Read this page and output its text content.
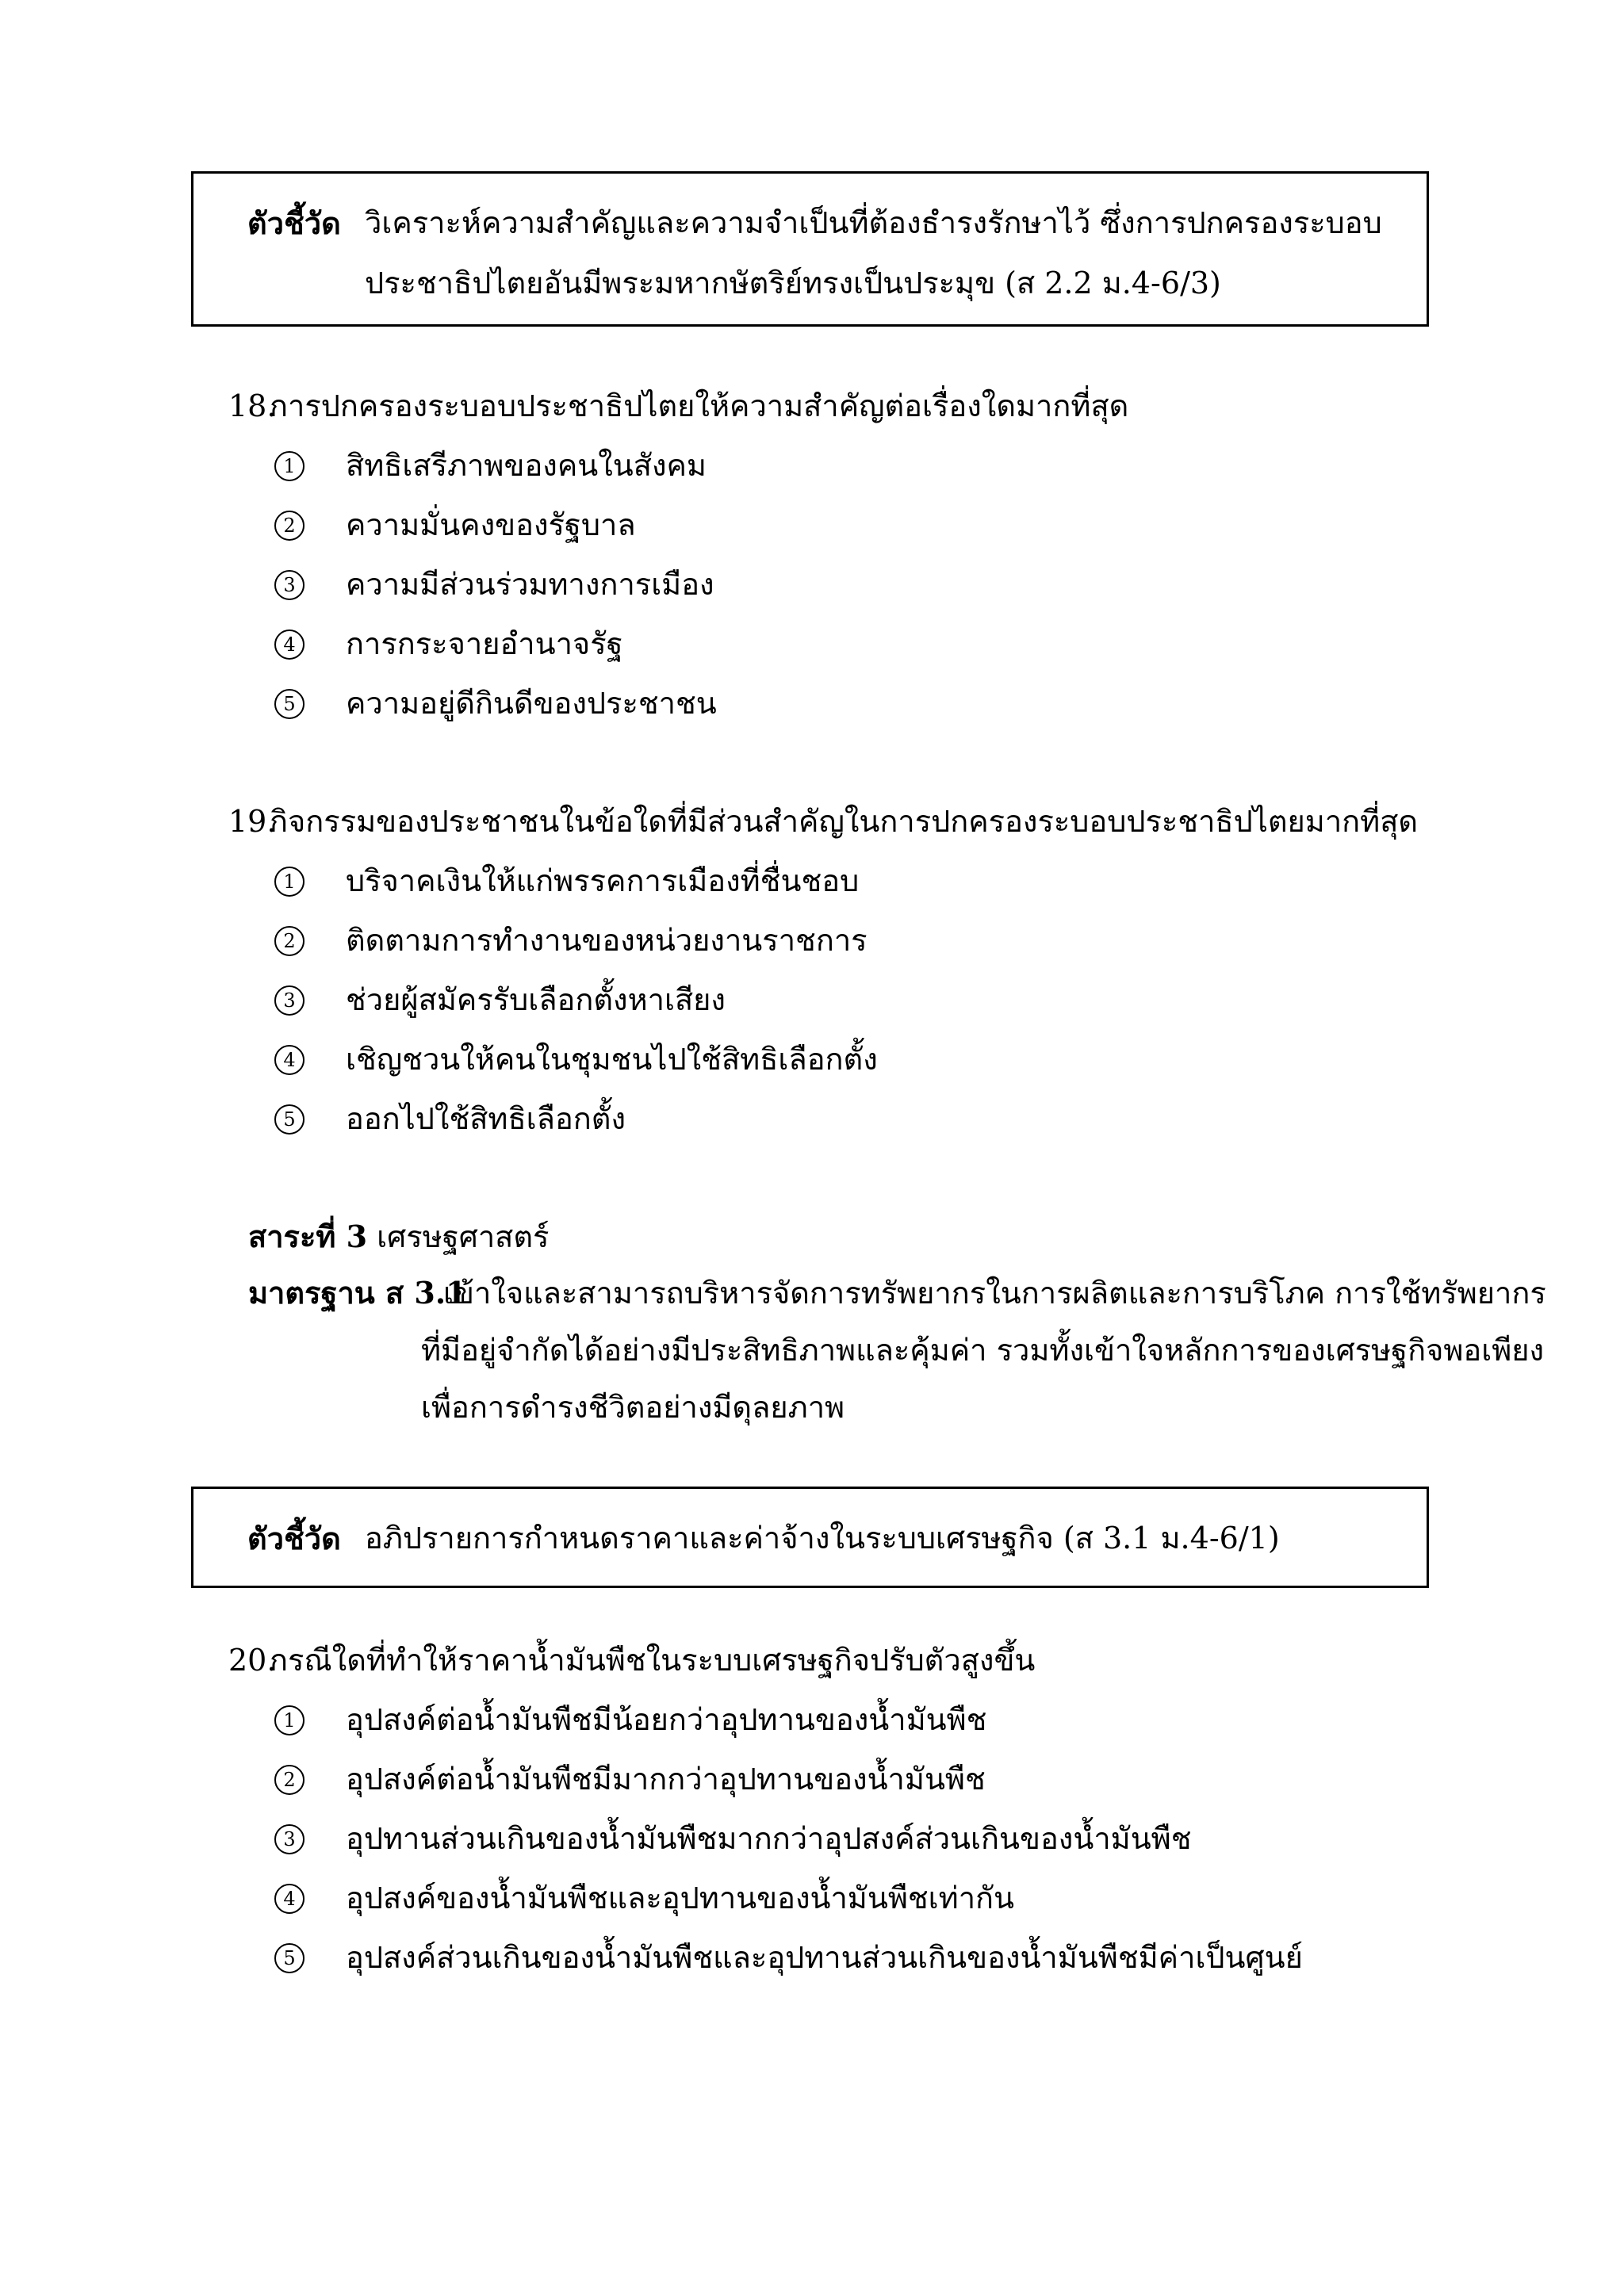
ตัวชี้วัด วิเคราะห์ความสำคัญและความจำเป็นที่ต้องธำรงรักษาไว้ ซึ่งการปกครองระบอบ
ประชาธิปไตยอันมีพระมหากษัตริย์ทรงเป็นประมุข (ส 2.2 ม.4-6/3)
18.
การปกครองระบอบประชาธิปไตยให้ความสำคัญต่อเรื่องใดมากที่สุด
1 สิทธิเสรีภาพของคนในสังคม
2 ความมั่นคงของรัฐบาล
3 ความมีส่วนร่วมทางการเมือง
4 การกระจายอำนาจรัฐ
5 ความอยู่ดีกินดีของประชาชน
19.
กิจกรรมของประชาชนในข้อใดที่มีส่วนสำคัญในการปกครองระบอบประชาธิปไตยมากที่สุด
1 บริจาคเงินให้แก่พรรคการเมืองที่ชื่นชอบ
2 ติดตามการทำงานของหน่วยงานราชการ
3 ช่วยผู้สมัครรับเลือกตั้งหาเสียง
4 เชิญชวนให้คนในชุมชนไปใช้สิทธิเลือกตั้ง
5 ออกไปใช้สิทธิเลือกตั้ง
สาระที่ 3 เศรษฐศาสตร์
มาตรฐาน ส 3.1
เข้าใจและสามารถบริหารจัดการทรัพยากรในการผลิตและการบริโภค การใช้ทรัพยากร
ที่มีอยู่จำกัดได้อย่างมีประสิทธิภาพและคุ้มค่า รวมทั้งเข้าใจหลักการของเศรษฐกิจพอเพียง
เพื่อการดำรงชีวิตอย่างมีดุลยภาพ
ตัวชี้วัด อภิปรายการกำหนดราคาและค่าจ้างในระบบเศรษฐกิจ (ส 3.1 ม.4-6/1)
20.
กรณีใดที่ทำให้ราคาน้ำมันพืชในระบบเศรษฐกิจปรับตัวสูงขึ้น
1 อุปสงค์ต่อน้ำมันพืชมีน้อยกว่าอุปทานของน้ำมันพืช
2 อุปสงค์ต่อน้ำมันพืชมีมากกว่าอุปทานของน้ำมันพืช
3 อุปทานส่วนเกินของน้ำมันพืชมากกว่าอุปสงค์ส่วนเกินของน้ำมันพืช
4 อุปสงค์ของน้ำมันพืชและอุปทานของน้ำมันพืชเท่ากัน
5 อุปสงค์ส่วนเกินของน้ำมันพืชและอุปทานส่วนเกินของน้ำมันพืชมีค่าเป็นศูนย์
